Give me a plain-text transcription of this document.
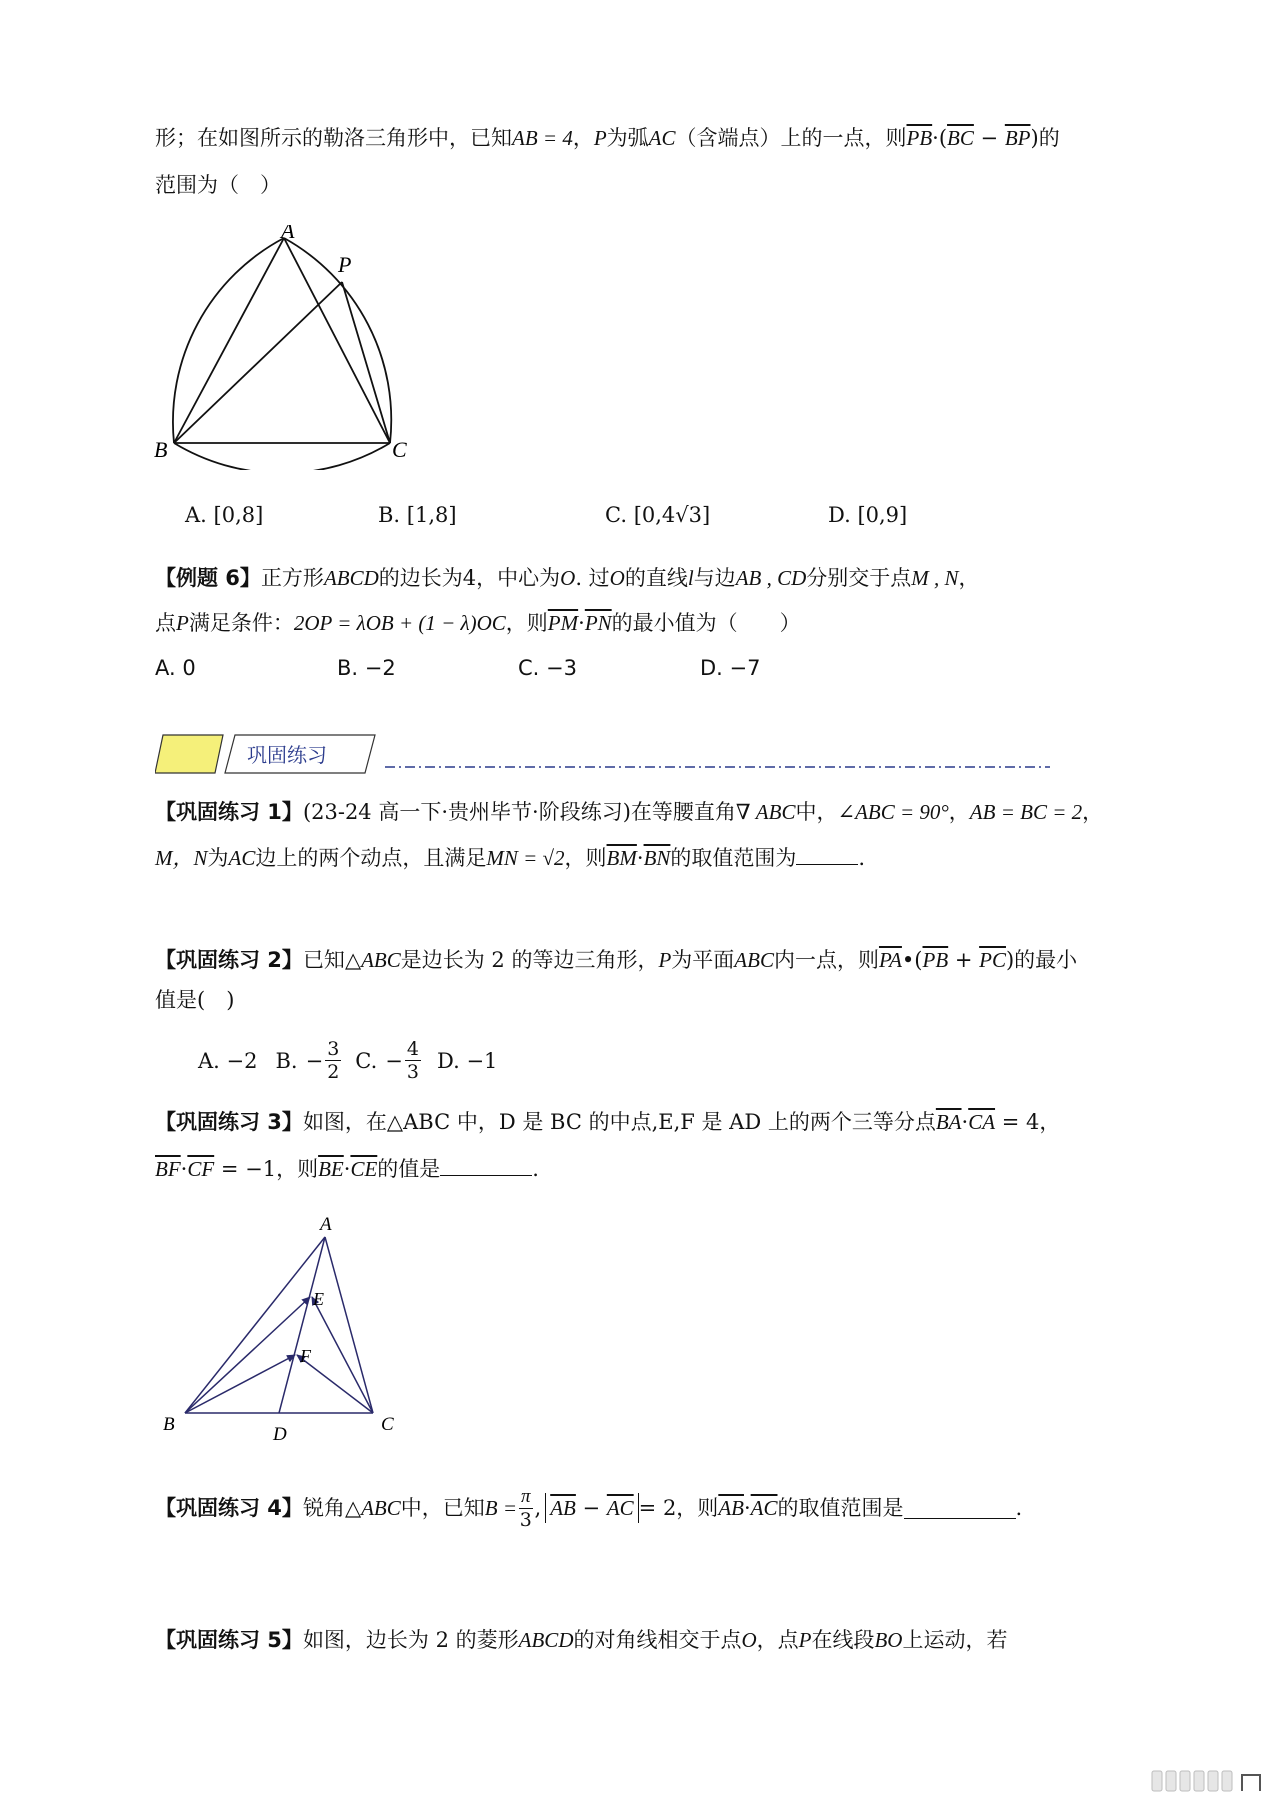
形；在如图所示的勒洛三角形中，已知AB = 4，P为弧AC（含端点）上的一点，则$\overline{PB}\cdot(\overline{BC} - \overline{BP})$的
范围为（　）
A
P
B	C
A. [0,8]	B. [1,8]	C. [0,4√3]	D. [0,9]
【例题 6】正方形ABCD的边长为4，中心为O. 过O的直线l与边AB , CD分别交于点M , N，
点P满足条件：2OP = λOB + (1 − λ)OC，则$\overline{PM}\cdot\overline{PN}$的最小值为（　　）
A. 0	B. −2	C. −3	D. −7
巩固练习
【巩固练习 1】(23-24 高一下·贵州毕节·阶段练习)在等腰直角∇ ABC中，∠ABC = 90°，AB = BC = 2，
M，N为AC边上的两个动点，且满足MN = √2，则$\overline{BM}\cdot\overline{BN}$的取值范围为	.
【巩固练习 2】已知△ABC是边长为 2 的等边三角形，P为平面ABC内一点，则$\overline{PA}•(\overline{PB} + \overline{PC})$的最小
值是(　)
A. −2 B. − $\frac{3}{2} C$. − $\frac{4}{3} D$. −1
【巩固练习 3】如图，在△ABC 中，D 是 BC 的中点,E,F 是 AD 上的两个三等分点$\overline{BA}\cdot\overline{CA} = 4$，
$\overline{BF}\cdot\overline{CF} = -1$，则$\overline{BE}\cdot\overline{CE}$的值是	.
A
E
F
B	D	C
【巩固练习 4】 锐角 △ABC 中，已知 $B = \frac{\pi}{3}$ , $\overline{AB} - \overline{AC} = 2$，则 $\overline{AB} \cdot \overline{AC}$ 的取值范围是	.
【巩固练习 5】如图，边长为 2 的菱形ABCD的对角线相交于点O，点P在线段BO上运动，若
